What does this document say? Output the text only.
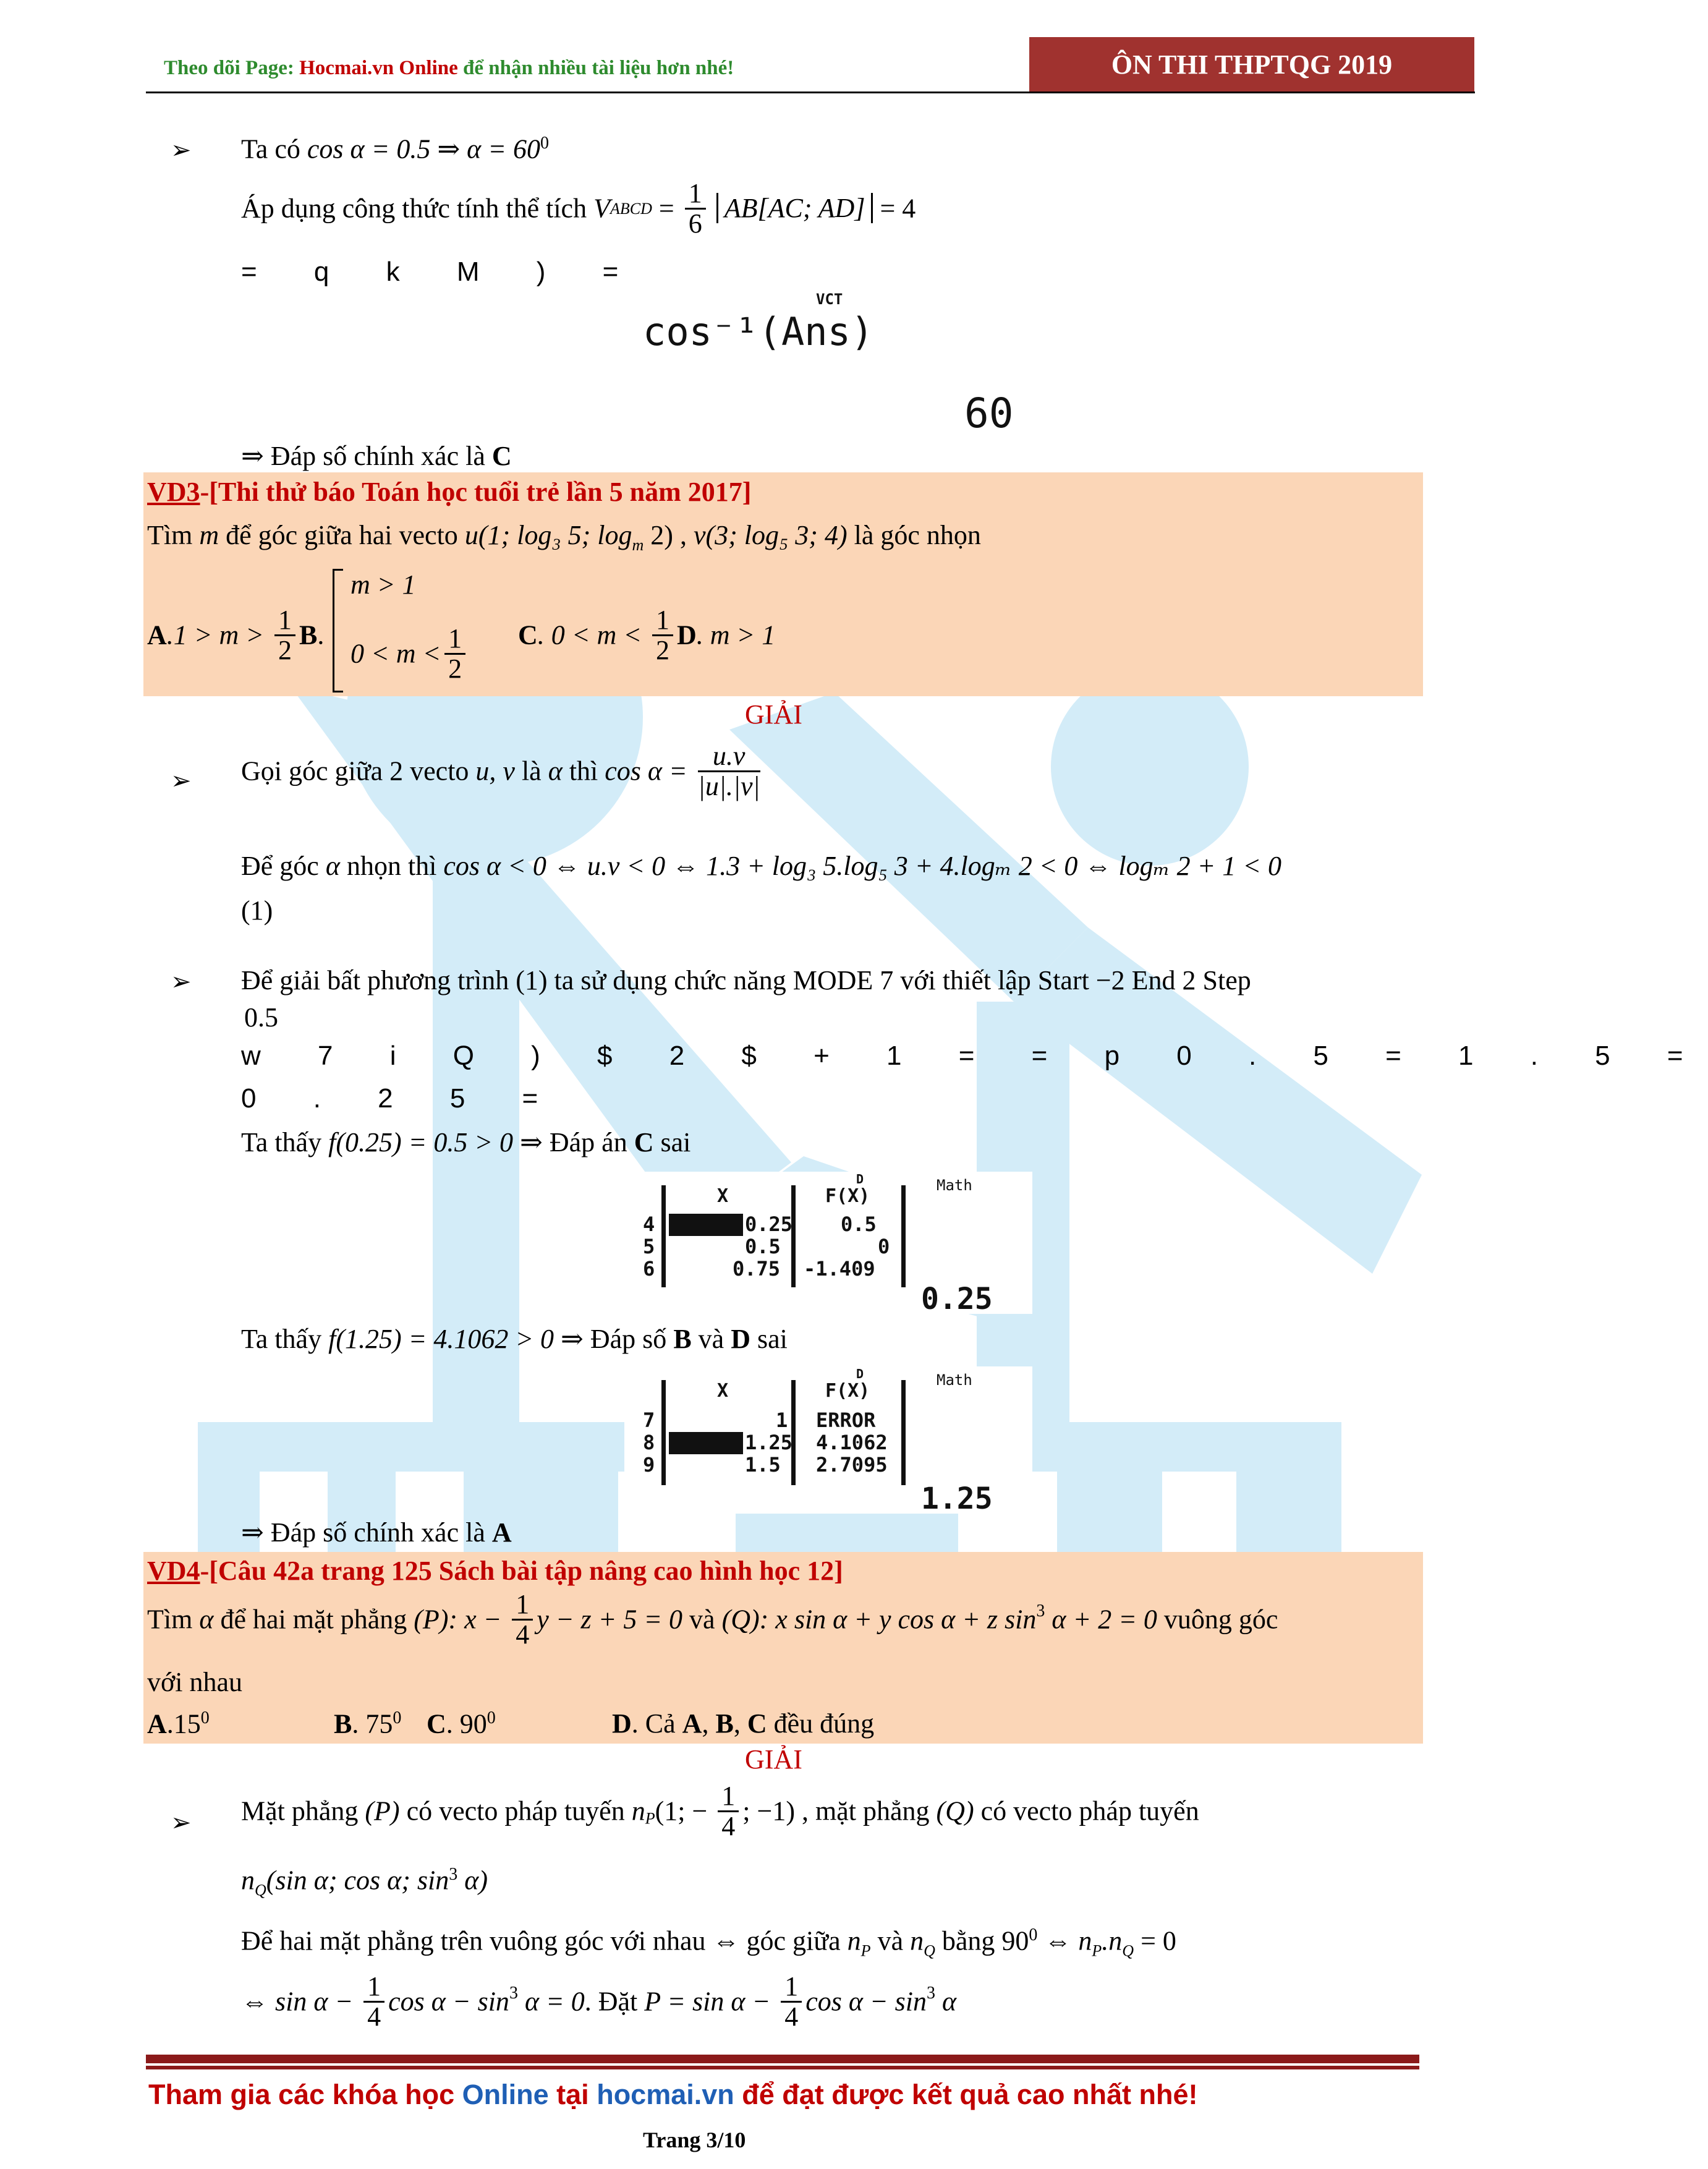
Theo dõi Page: Hocmai.vn Online để nhận nhiều tài liệu hơn nhé!	ÔN THI THPTQG 2019
➢ Ta có cos α = 0.5 ⇒ $\alpha = 60^0$
Áp dụng công thức tính thể tích VABCD = $\frac{1}{6} AB[AC$; AD] = 4
= q k M ) =
VCT
cos⁻¹(Ans)
60
⇒ Đáp số chính xác là C
VD3-[Thi thử báo Toán học tuổi trẻ lần 5 năm 2017]
Tìm m để góc giữa hai vecto u(1; log₃ 5; $\log_m 2$) , v(3; log₅ 3; 4) là góc nhọn
$A.1 > m > \frac{1}{2} B$.
m > 1
$0 < m < \frac{1}{2} C$. $0 < m < \frac{1}{2} D$. m > 1
GIẢI
➢ Gọi góc giữa 2 vecto u, v là α thì $\cos \alpha = \frac{u.v}{|u|.|v|}$
Để góc α nhọn thì cos α < 0 ⇔ u.v < 0 ⇔ 1.3 + log₃ 5.log₅ 3 + 4.logₘ 2 < 0 ⇔ logₘ 2 + 1 < 0
(1)
➢ Để giải bất phương trình (1) ta sử dụng chức năng MODE 7 với thiết lập Start −2 End 2 Step
0.5
w 7 i Q ) $ 2 $ + 1 = = p 0 . 5 = 1 . 5 =
0 . 2 5 =
Ta thấy f(0.25) = 0.5 > 0 ⇒ Đáp án C sai
D	Math
X	F(X)
4	0.25 0.5
5	0.5	0
6	0.75 -1.409
0.25
Ta thấy f(1.25) = 4.1062 > 0 ⇒ Đáp số B và D sai
D	Math
X	F(X)
7	1 ERROR
8	1.25 4.1062
9	1.5 2.7095
1.25
⇒ Đáp số chính xác là A
VD4-[Câu 42a trang 125 Sách bài tập nâng cao hình học 12]
Tìm α để hai mặt phẳng (P): $x - \frac{1}{4}$ y − z + 5 = 0 và (Q): x sin α + y cos α + z $\sin^3 \alpha + 2 = 0$ vuông góc
với nhau
$A.15^0$	B. $75^0$ C. $90^0$	D. Cả A, B, C đều đúng
GIẢI
➢ Mặt phẳng (P) có vecto pháp tuyến $n_P(1$; − $\frac{1}{4}$ ; −1) , mặt phẳng (Q) có vecto pháp tuyến
$n_Q(\sin$ α; cos α; $\sin^3 \alpha$)
Để hai mặt phẳng trên vuông góc với nhau ⇔ góc giữa $n_P$ và $n_Q$ bằng $90^0$ ⇔ $n_P.n_Q = 0$
⇔ $\sin \alpha - \frac{1}{4}$ $\cos \alpha - \sin^3 \alpha = 0$. Đặt $P = \sin \alpha - \frac{1}{4}$ $\cos \alpha - \sin^3 \alpha$
Tham gia các khóa học Online tại hocmai.vn để đạt được kết quả cao nhất nhé!
Trang 3/10
